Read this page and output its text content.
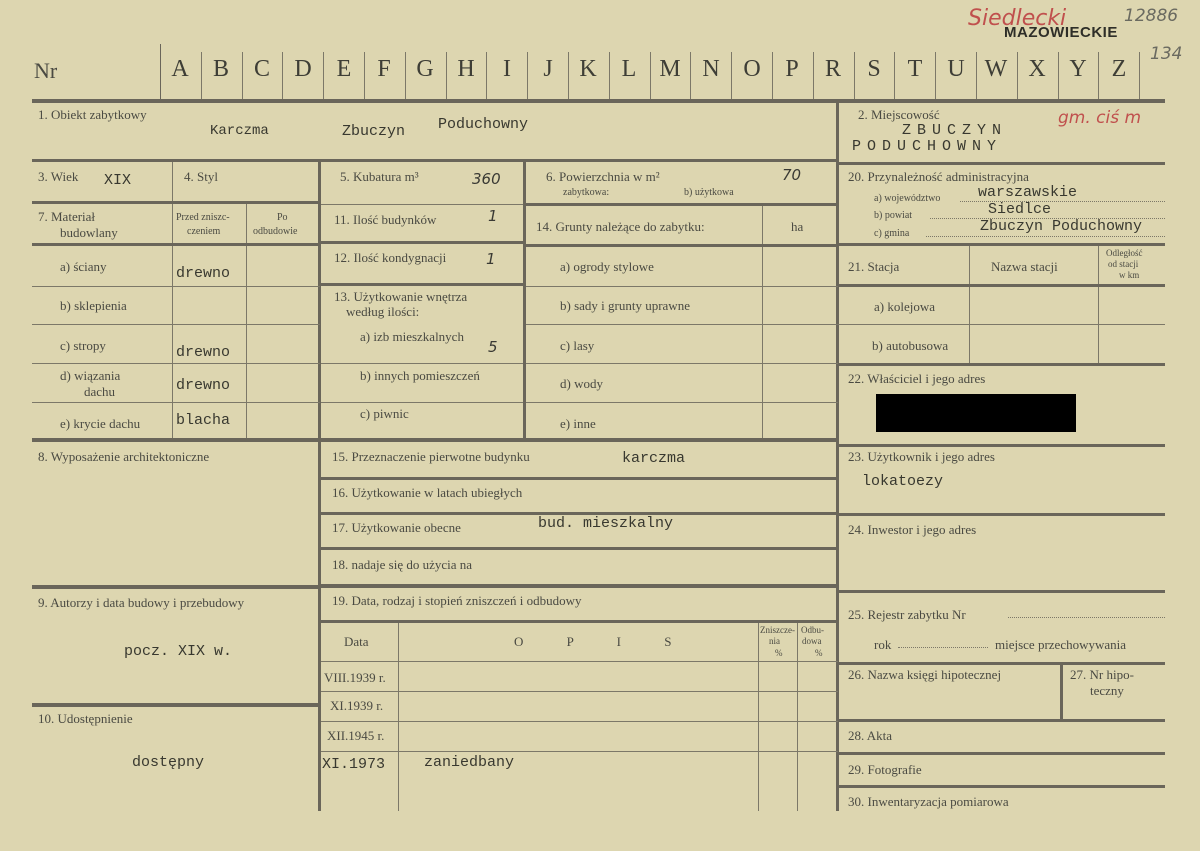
Siedlecki	12886
134
MAZOWIECKIE
Nr	A	B	C	D	E	F	G H	I	J	K	L M N O	P	R	S	T	U W X Y	Z
1. Obiekt zabytkowy
Karczma	Zbuczyn Poduchowny
2. Miejscowość	gm. ciś m
ZBUCZYN
PODUCHOWNY
3. Wiek XIX	4. Styl	5. Kubatura m³	360	6. Powierzchnia w m²
zabytkowa:	b) użytkowa
70
7. Materiał
budowlany
Przed zniszc-
czeniem
Po
odbudowie
a) ściany	drewno
b) sklepienia
c) stropy	drewno
d) wiązania
dachu	drewno
e) krycie dachu blacha
11. Ilość budynków	1
12. Ilość kondygnacji	1
13. Użytkowanie wnętrza
według ilości:
a) izb mieszkalnych
5
b) innych pomieszczeń
c) piwnic
14. Grunty należące do zabytku:	ha
a) ogrody stylowe
b) sady i grunty uprawne
c) lasy
d) wody
e) inne
20. Przynależność administracyjna
a) województwo	warszawskie
b) powiat	Siedlce
c) gmina	Zbuczyn Poduchowny
21. Stacja	Nazwa stacji
Odległość
od stacji
w km
a) kolejowa
b) autobusowa
22. Właściciel i jego adres
8. Wyposażenie architektoniczne	15. Przeznaczenie pierwotne budynku	karczma
16. Użytkowanie w latach ubiegłych
17. Użytkowanie obecne	bud. mieszkalny
18. nadaje się do użycia na
23. Użytkownik i jego adres
lokatoezy
24. Inwestor i jego adres
9. Autorzy i data budowy i przebudowy
pocz. XIX w.
10. Udostępnienie
dostępny
19. Data, rodzaj i stopień zniszczeń i odbudowy
Data	O P I S
Zniszcze-
nia
%
Odbu-
dowa
%
VIII.1939 r.
XI.1939 r.
XII.1945 r.
XI.1973	zaniedbany
25. Rejestr zabytku Nr
rok	miejsce przechowywania
26. Nazwa księgi hipotecznej	27. Nr hipo-
teczny
28. Akta
29. Fotografie
30. Inwentaryzacja pomiarowa
